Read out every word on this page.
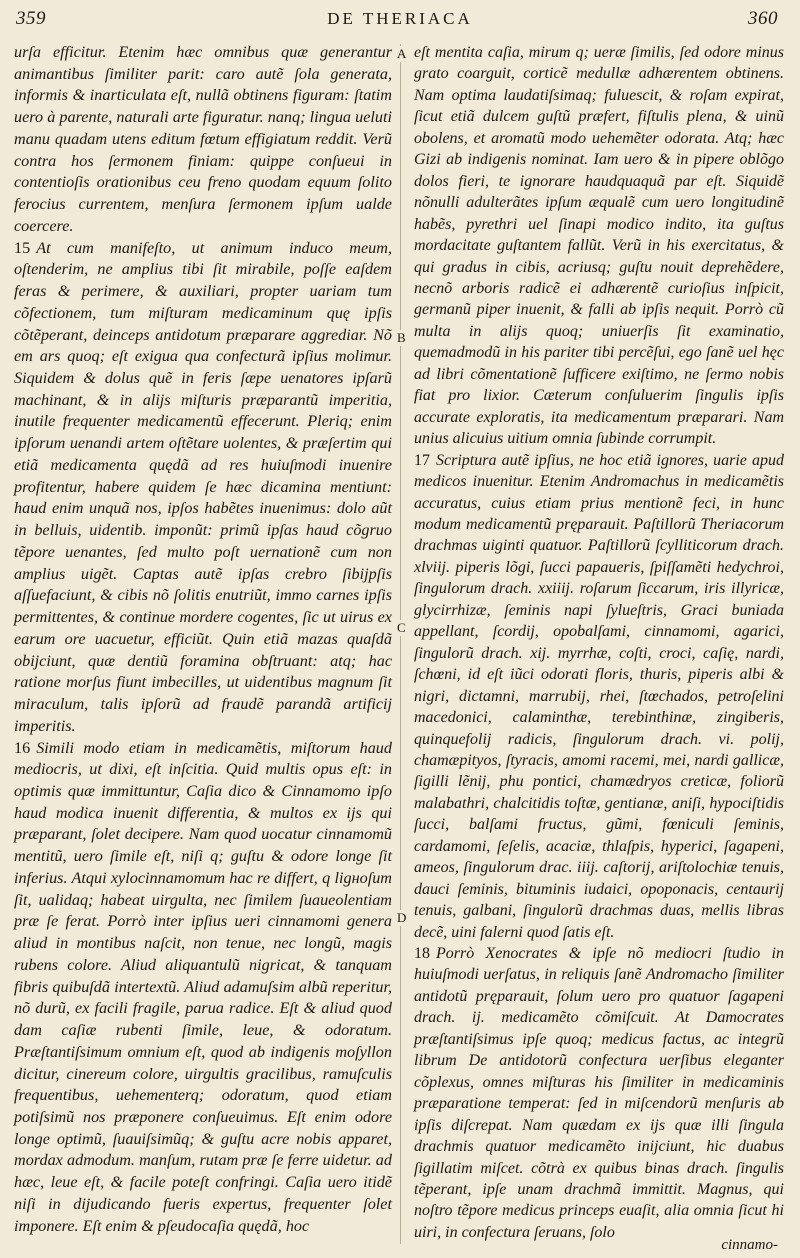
359	DE THERIACA	360
A
B
C
D

urſa efficitur. Etenim hæc omnibus quæ generantur animantibus ſimiliter parit: caro autẽ ſola generata, informis & inarticulata eſt, nullã obtinens figuram: ſtatim uero à parente, naturali arte figuratur. nanq; lingua ueluti manu quadam utens editum fœtum effigiatum reddit. Verũ contra hos ſermonem finiam: quippe conſueui in contentioſis orationibus ceu freno quodam equum ſolito ferocius currentem, menſura ſermonem ipſum ualde coercere.

15 At cum manifeſto, ut animum induco meum, oſtenderim, ne amplius tibi ſit mirabile, poſſe eaſdem feras & perimere, & auxiliari, propter uariam tum cõfectionem, tum miſturam medicaminum quę ipſis cõtẽperant, deinceps antidotum præparare aggrediar. Nõ em ars quoq; eſt exigua qua confecturã ipſius molimur. Siquidem & dolus quẽ in feris ſæpe uenatores ipſarũ machinant, & in alijs miſturis præparantũ imperitia, inutile frequenter medicamentũ effecerunt. Pleriq; enim ipſorum uenandi artem oſtẽtare uolentes, & præſertim qui etiã medicamenta quędã ad res huiuſmodi inuenire profitentur, habere quidem ſe hæc dicamina mentiunt: haud enim unquã nos, ipſos habẽtes inuenimus: dolo aũt in belluis, uidentib. imponũt: primũ ipſas haud cõgruo tẽpore uenantes, ſed multo poſt uernationẽ cum non amplius uigẽt. Captas autẽ ipſas crebro ſibijpſis aſſuefaciunt, & cibis nõ ſolitis enutriũt, immo carnes ipſis permittentes, & continue mordere cogentes, ſic ut uirus ex earum ore uacuetur, efficiũt. Quin etiã mazas quaſdã obijciunt, quæ dentiũ foramina obſtruant: atq; hac ratione morſus fiunt imbecilles, ut uidentibus magnum ſit miraculum, talis ipſorũ ad fraudẽ parandã artificij imperitis.

16 Simili modo etiam in medicamẽtis, miſtorum haud mediocris, ut dixi, eſt inſcitia. Quid multis opus eſt: in optimis quæ immittuntur, Caſia dico & Cinnamomo ipſo haud modica inuenit differentia, & multos ex ijs qui præparant, ſolet decipere. Nam quod uocatur cinnamomũ mentitũ, uero ſimile eſt, niſi q; guſtu & odore longe ſit inferius. Atqui xylocinnamomum hac re differt, q ligноſum ſit, ualidaq; habeat uirgulta, nec ſimilem ſuaueolentiam præ ſe ferat. Porrò inter ipſius ueri cinnamomi genera aliud in montibus naſcit, non tenue, nec longũ, magis rubens colore. Aliud aliquantulũ nigricat, & tanquam fibris quibuſdã intertextũ. Aliud adamuſsim albũ reperitur, nõ durũ, ex facili fragile, parua radice. Eſt & aliud quod dam caſiæ rubenti ſimile, leue, & odoratum. Præſtantiſsimum omnium eſt, quod ab indigenis moſyllon dicitur, cinereum colore, uirgultis gracilibus, ramuſculis frequentibus, uehementerq; odoratum, quod etiam potiſsimũ nos præponere conſueuimus. Eſt enim odore longe optimũ, ſuauiſsimũq; & guſtu acre nobis apparet, mordax admodum. manſum, rutam præ ſe ferre uidetur. ad hæc, leue eſt, & facile poteſt confringi. Caſia uero itidẽ niſi in dijudicando fueris expertus, frequenter ſolet imponere. Eſt enim & pſeudocaſia quędã, hoc

eſt mentita caſia, mirum q; ueræ ſimilis, ſed odore minus grato coarguit, corticẽ medullæ adhærentem obtinens. Nam optima laudatiſsimaq; fuluescit, & roſam expirat, ſicut etiã dulcem guſtũ præfert, fiſtulis plena, & uinũ obolens, et aromatũ modo uehemẽter odorata. Atq; hæc Gizi ab indigenis nominat. Iam uero & in pipere oblõgo dolos fieri, te ignorare haudquaquã par eſt. Siquidẽ nõnulli adulterãtes ipſum æqualẽ cum uero longitudinẽ habẽs, pyrethri uel ſinapi modico indito, ita guſtus mordacitate guſtantem fallũt. Verũ in his exercitatus, & qui gradus in cibis, acriusq; guſtu nouit deprehẽdere, necnõ arboris radicẽ ei adhærentẽ curioſius inſpicit, germanũ piper inuenit, & falli ab ipſis nequit. Porrò cũ multa in alijs quoq; uniuerſis ſit examinatio, quemadmodũ in his pariter tibi percẽſui, ego ſanẽ uel hęc ad libri cõmentationẽ ſufficere exiſtimo, ne ſermo nobis fiat pro lixior. Cæterum conſuluerim ſingulis ipſis accurate exploratis, ita medicamentum præparari. Nam unius alicuius uitium omnia ſubinde corrumpit.

17 Scriptura autẽ ipſius, ne hoc etiã ignores, uarie apud medicos inuenitur. Etenim Andromachus in medicamẽtis accuratus, cuius etiam prius mentionẽ feci, in hunc modum medicamentũ pręparauit. Paſtillorũ Theriacorum drachmas uiginti quatuor. Paſtillorũ ſcylliticorum drach. xlviij. piperis lõgi, ſucci papaueris, ſpiſſamẽti hedychroi, ſingulorum drach. xxiiij. roſarum ſiccarum, iris illyricæ, glycirrhizæ, ſeminis napi ſylueſtris, Graci buniada appellant, ſcordij, opobalſami, cinnamomi, agarici, ſingulorũ drach. xij. myrrhæ, coſti, croci, caſię, nardi, ſchœni, id eſt iũci odorati floris, thuris, piperis albi & nigri, dictamni, marrubij, rhei, ſtœchados, petroſelini macedonici, calaminthæ, terebinthinæ, zingiberis, quinquefolij radicis, ſingulorum drach. vi. polij, chamæpityos, ſtyracis, amomi racemi, mei, nardi gallicæ, ſigilli lẽnij, phu pontici, chamædryos creticæ, foliorũ malabathri, chalcitidis toſtæ, gentianæ, aniſi, hypociſtidis ſucci, balſami fructus, gũmi, fœniculi ſeminis, cardamomi, ſeſelis, acaciæ, thlaſpis, hyperici, ſagapeni, ameos, ſingulorum drac. iiij. caſtorij, ariſtolochiæ tenuis, dauci ſeminis, bituminis iudaici, opoponacis, centaurij tenuis, galbani, ſingulorũ drachmas duas, mellis libras decẽ, uini falerni quod ſatis eſt.

18 Porrò Xenocrates & ipſe nõ mediocri ſtudio in huiuſmodi uerſatus, in reliquis ſanẽ Andromacho ſimiliter antidotũ pręparauit, ſolum uero pro quatuor ſagapeni drach. ij. medicamẽto cõmiſcuit. At Damocrates præſtantiſsimus ipſe quoq; medicus factus, ac integrũ librum De antidotorũ confectura uerſibus eleganter cõplexus, omnes miſturas his ſimiliter in medicaminis præparatione temperat: ſed in miſcendorũ menſuris ab ipſis diſcrepat. Nam quædam ex ijs quæ illi ſingula drachmis quatuor medicamẽto inijciunt, hic duabus ſigillatim miſcet. cõtrà ex quibus binas drach. ſingulis tẽperant, ipſe unam drachmã immittit. Magnus, qui noſtro tẽpore medicus princeps euaſit, alia omnia ſicut hi uiri, in confectura ſeruans, ſolo

cinnamo-
